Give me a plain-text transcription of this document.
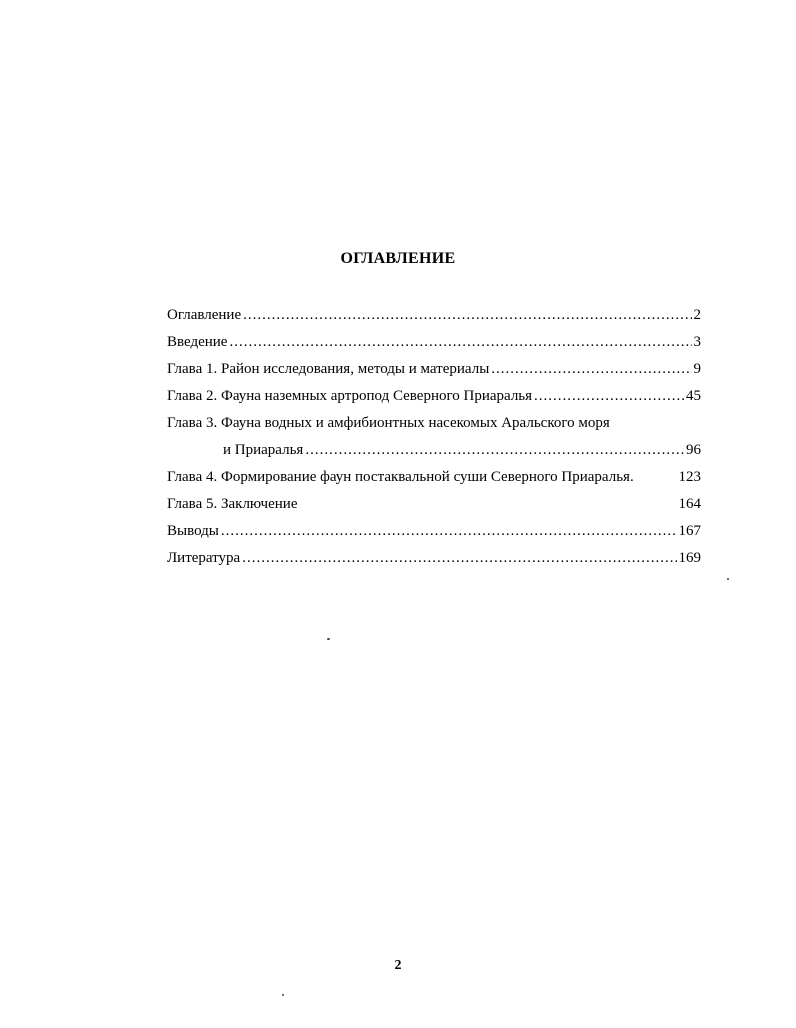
ОГЛАВЛЕНИЕ
Оглавление .....	2
Введение .....	3
Глава 1. Район исследования, методы и материалы .....	9
Глава 2. Фауна наземных артропод Северного Приаралья .....	45
Глава 3. Фауна водных и амфибионтных насекомых Аральского моря
и Приаралья .....	96
Глава 4. Формирование фаун постаквальной суши Северного Приаралья.	123
Глава 5. Заключение	164
Выводы .....	167
Литература .....	169
2
